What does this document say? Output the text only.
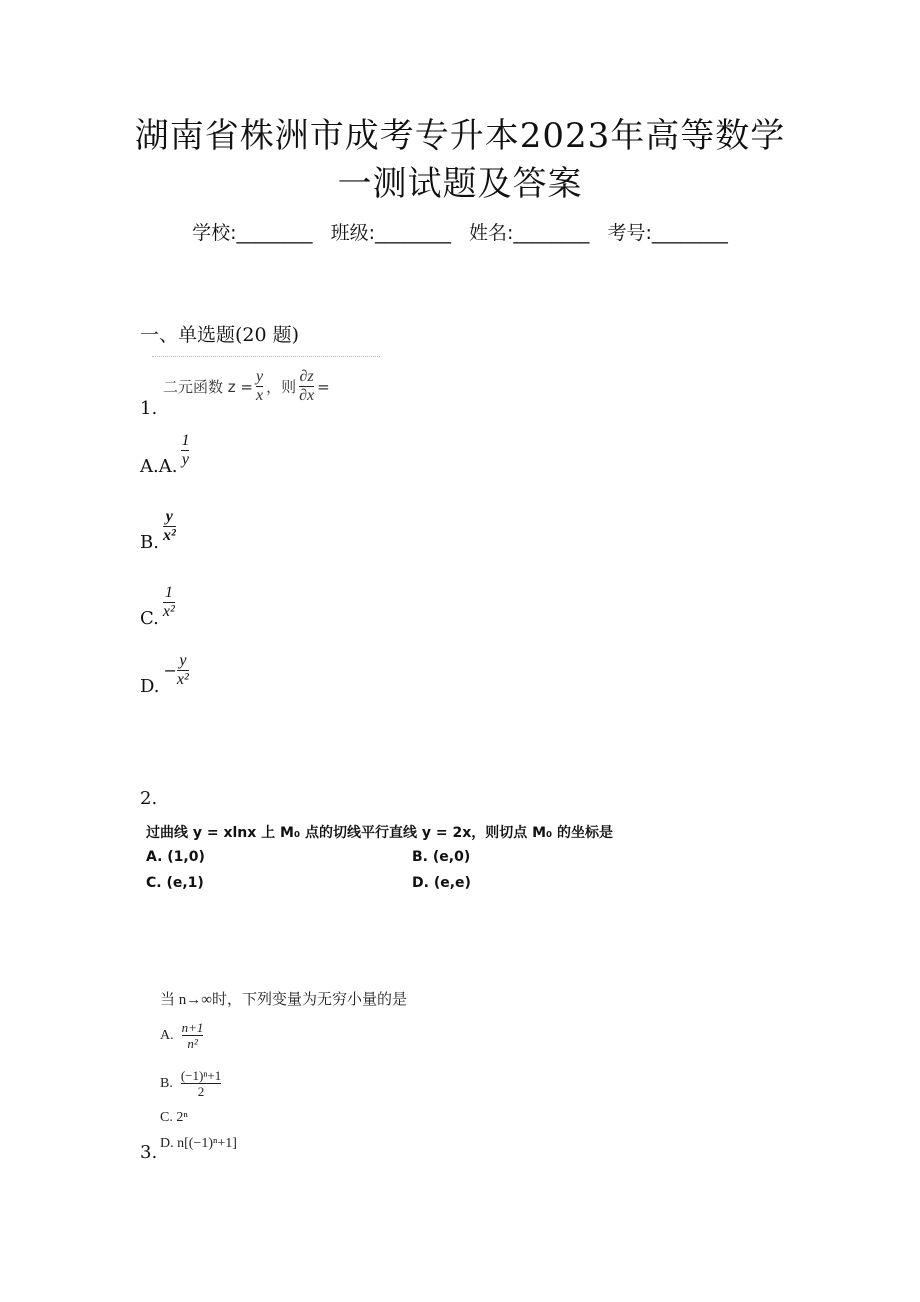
湖南省株洲市成考专升本2023年高等数学
一测试题及答案
学校:________ 班级:________ 姓名:________ 考号:________
一、单选题(20 题)
二元函数 $z = \frac{y}{x}$ ，则 $\frac{\partial z}{\partial x}$ =
1.
A.A. $\frac{1}{y}$
B. $\frac{y}{\text{x²}}$
C. $\frac{1}{\text{x²}}$
D.
− $\frac{y}{\text{x²}}$
2.
过曲线 y = xlnx 上 M₀ 点的切线平行直线 y = 2x，则切点 M₀ 的坐标是
A. (1,0)	B. (e,0)
C. (e,1)	D. (e,e)
当 n→∞时，下列变量为无穷小量的是
A. $\frac{n+1}{\text{n²}}$
B. $\frac{\text{(−1)ⁿ+1}}{2}$
C. 2ⁿ
D. n[(−1)ⁿ+1]
3.
